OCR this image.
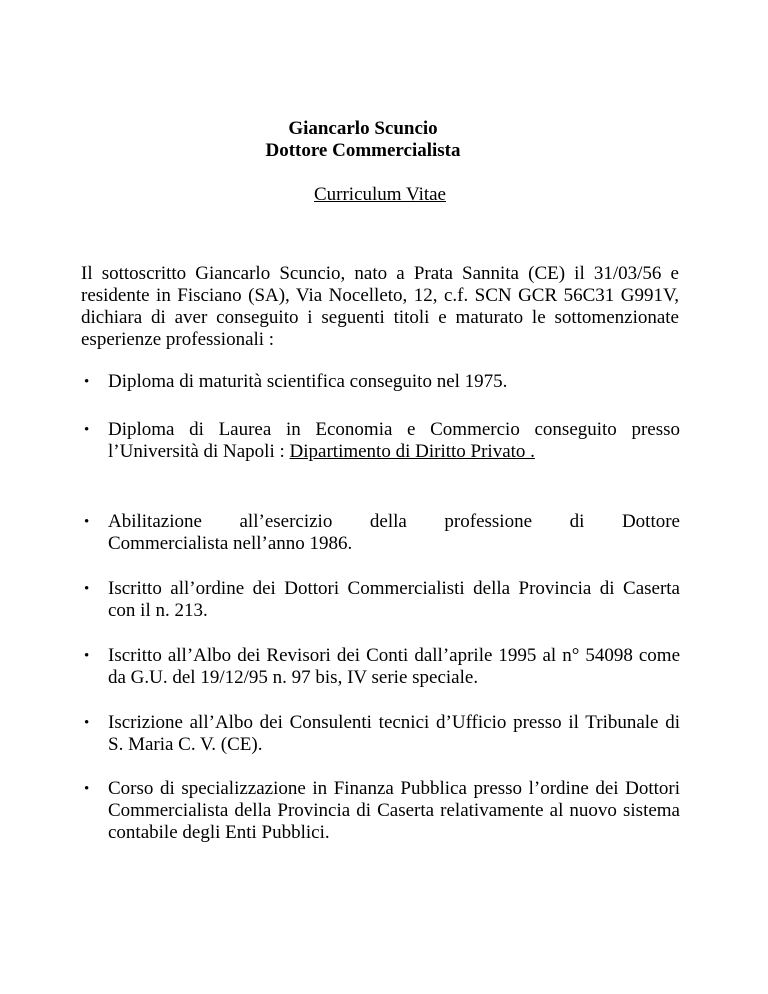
Giancarlo Scuncio
Dottore Commercialista
Curriculum Vitae
Il sottoscritto Giancarlo Scuncio, nato a Prata Sannita (CE) il 31/03/56 e residente in Fisciano (SA), Via Nocelleto, 12, c.f. SCN GCR 56C31 G991V, dichiara di aver conseguito i seguenti titoli e maturato le sottomenzionate esperienze professionali :
• Diploma di maturità scientifica conseguito nel 1975.
• Diploma di Laurea in Economia e Commercio conseguito presso l’Università di Napoli : Dipartimento di Diritto Privato .
• Abilitazione all’esercizio della professione di Dottore
Commercialista nell’anno 1986.
• Iscritto all’ordine dei Dottori Commercialisti della Provincia di Caserta con il n. 213.
• Iscritto all’Albo dei Revisori dei Conti dall’aprile 1995 al n° 54098 come da G.U. del 19/12/95 n. 97 bis, IV serie speciale.
• Iscrizione all’Albo dei Consulenti tecnici d’Ufficio presso il Tribunale di S. Maria C. V. (CE).
• Corso di specializzazione in Finanza Pubblica presso l’ordine dei Dottori Commercialista della Provincia di Caserta relativamente al nuovo sistema contabile degli Enti Pubblici.
